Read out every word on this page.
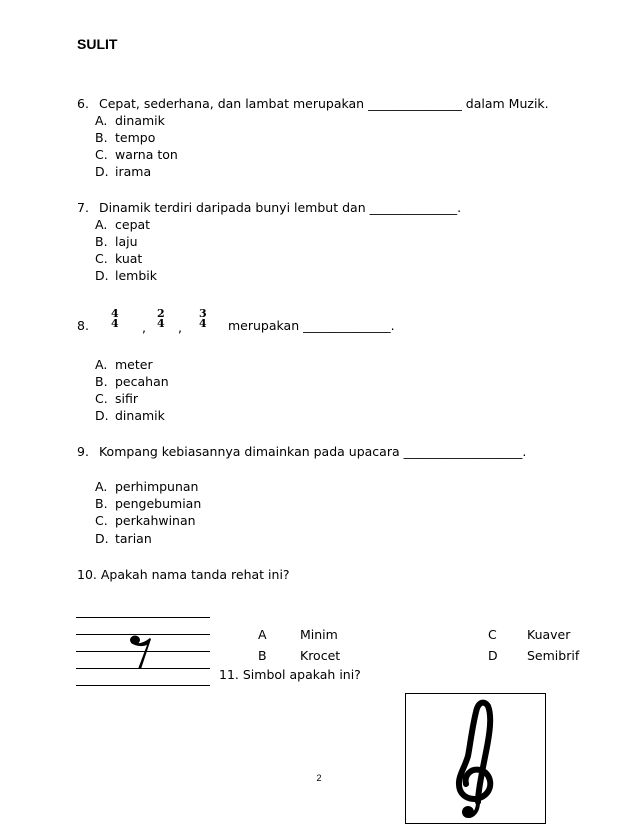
SULIT
6. Cepat, sederhana, dan lambat merupakan _______________ dalam Muzik.
A. dinamik
B. tempo
C. warna ton
D. irama
7. Dinamik terdiri daripada bunyi lembut dan ______________.
A. cepat
B. laju
C. kuat
D. lembik
8.
4
4 ,
2
4 ,
3
4 merupakan ______________.
A. meter
B. pecahan
C. sifir
D. dinamik
9. Kompang kebiasannya dimainkan pada upacara ___________________.
A. perhimpunan
B. pengebumian
C. perkahwinan
D. tarian
10. Apakah nama tanda rehat ini?
A	Minim	C Kuaver
B	Krocet	D Semibrif
11. Simbol apakah ini?
2
